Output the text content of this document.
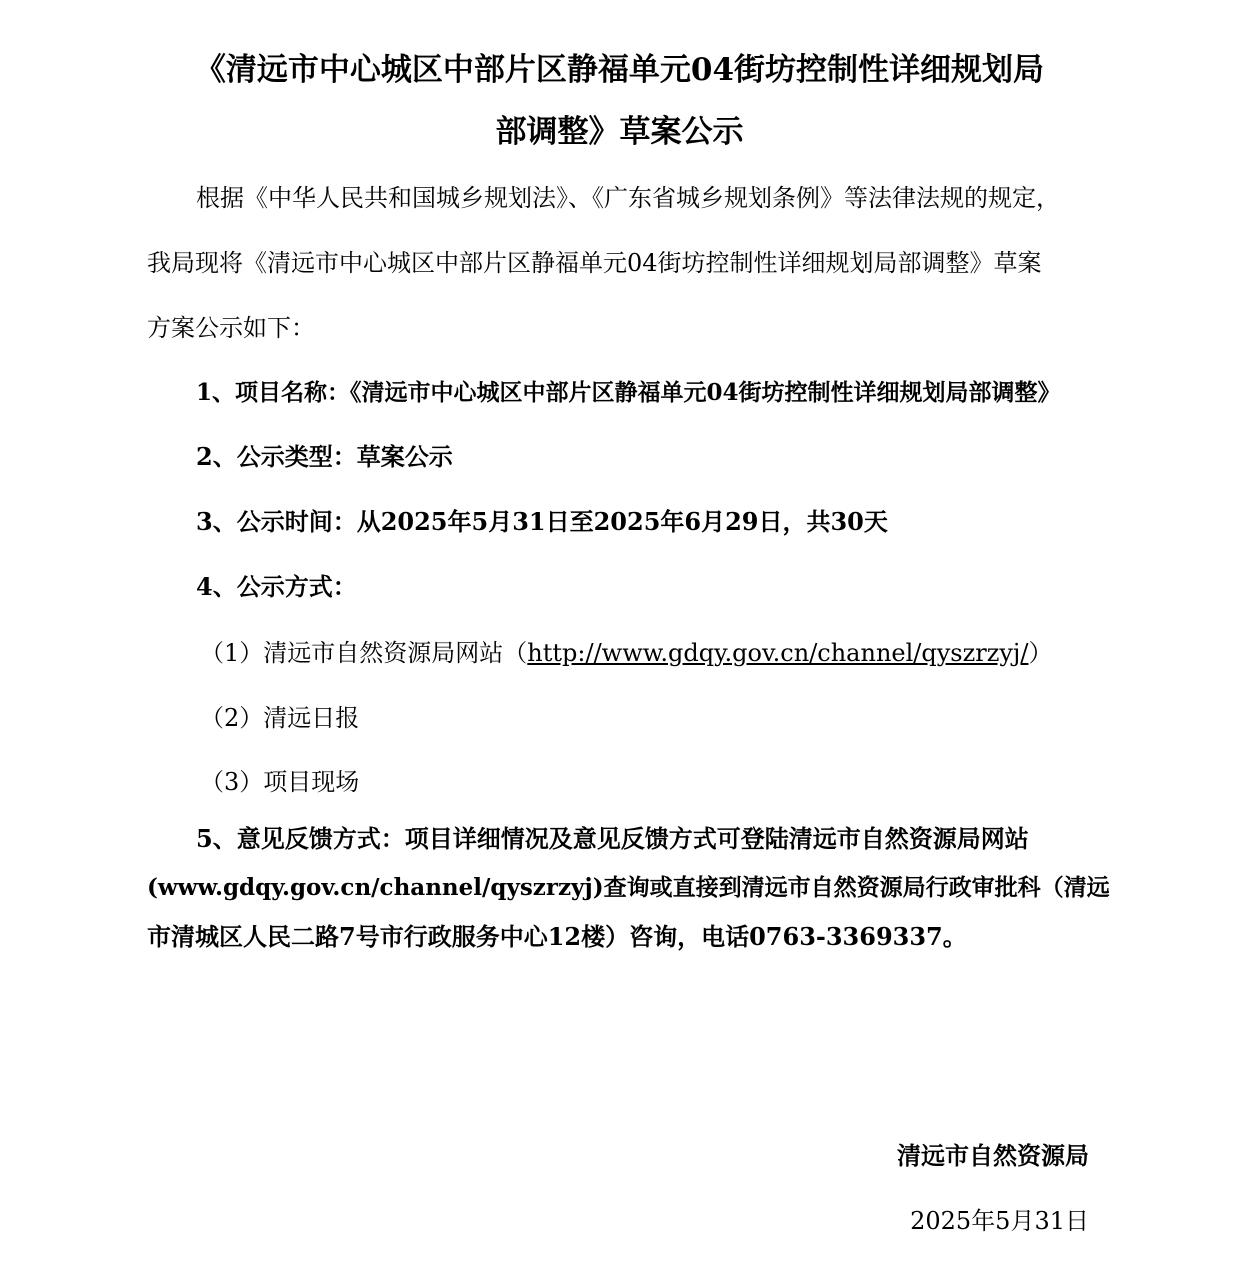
《清远市中心城区中部片区静福单元04街坊控制性详细规划局
部调整》草案公示
根据《中华人民共和国城乡规划法》、《广东省城乡规划条例》等法律法规的规定，
我局现将《清远市中心城区中部片区静福单元04街坊控制性详细规划局部调整》草案
方案公示如下：
1、项目名称：《清远市中心城区中部片区静福单元04街坊控制性详细规划局部调整》
2、公示类型：草案公示
3、公示时间：从2025年5月31日至2025年6月29日，共30天
4、公示方式：
（1）清远市自然资源局网站（http://www.gdqy.gov.cn/channel/qyszrzyj/）
（2）清远日报
（3）项目现场
5、意见反馈方式：项目详细情况及意见反馈方式可登陆清远市自然资源局网站
(www.gdqy.gov.cn/channel/qyszrzyj)查询或直接到清远市自然资源局行政审批科（清远
市清城区人民二路7号市行政服务中心12楼）咨询，电话0763-3369337。
清远市自然资源局
2025年5月31日
